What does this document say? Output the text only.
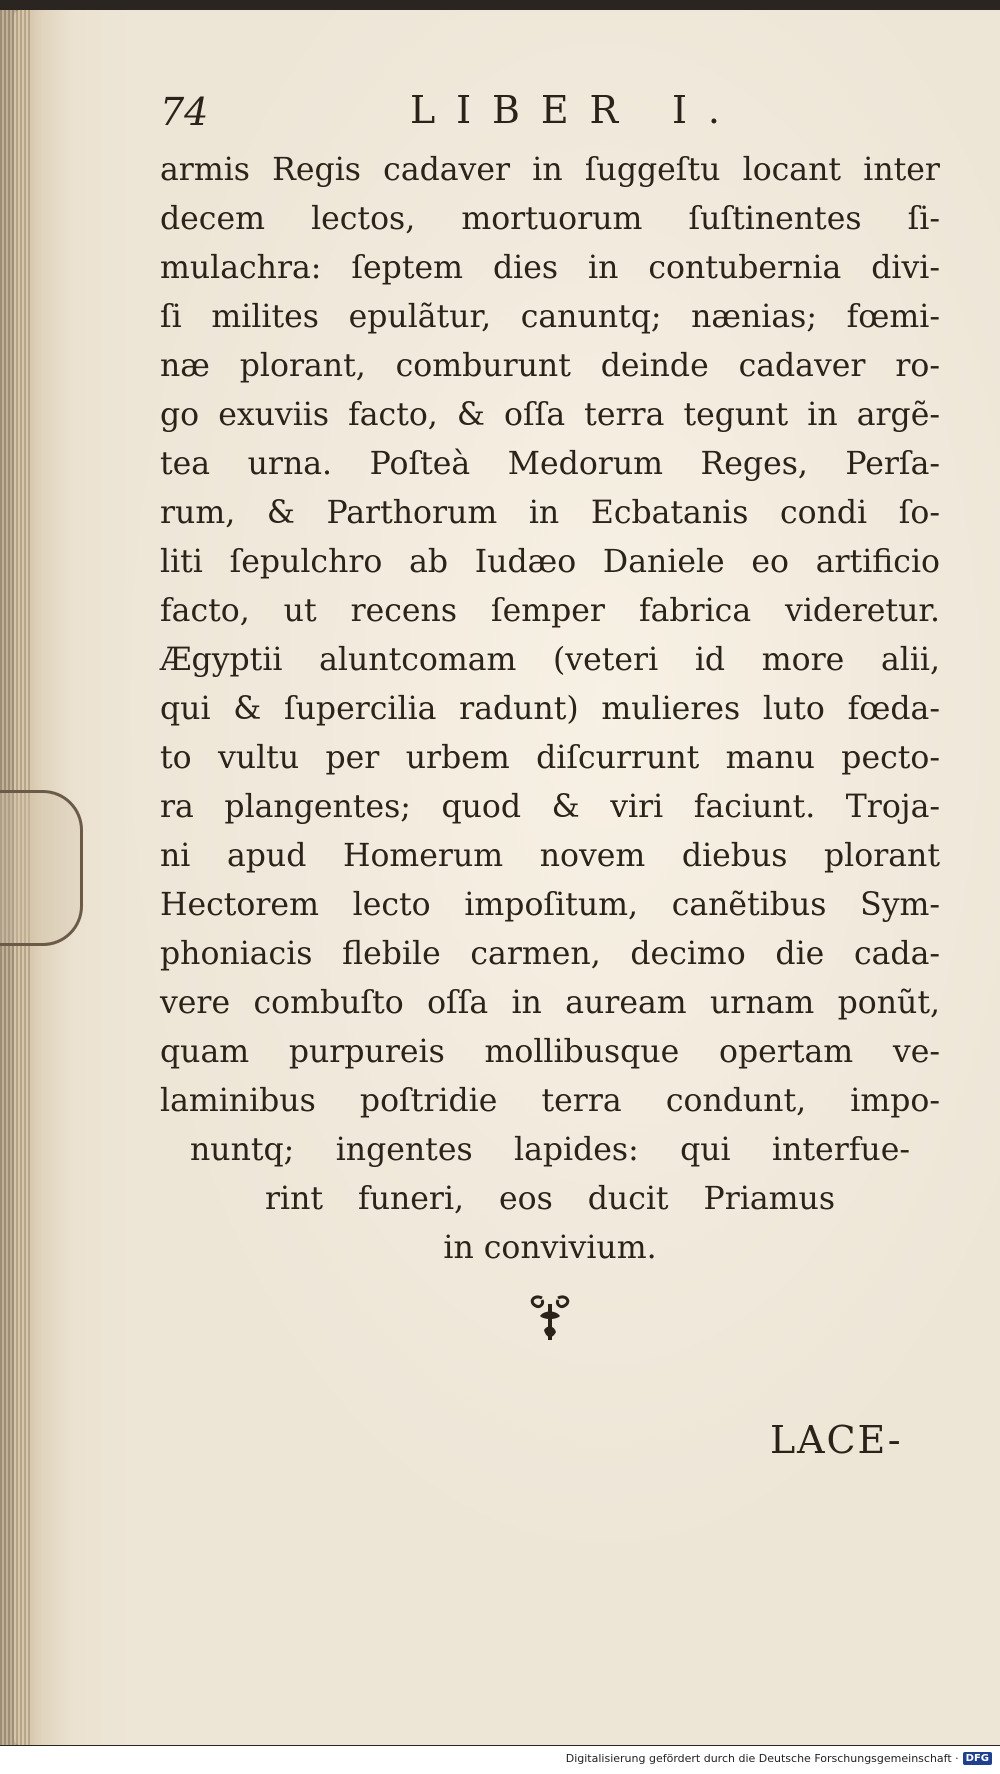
74	LIBER I.
armis Regis cadaver in ſuggeſtu locant inter
decem lectos, mortuorum ſuſtinentes ſi-
mulachra: ſeptem dies in contubernia divi-
ſi milites epulãtur, canuntq; nænias; fœmi-
næ plorant, comburunt deinde cadaver ro-
go exuviis facto, & oſſa terra tegunt in argẽ-
tea urna. Poſteà Medorum Reges, Perſa-
rum, & Parthorum in Ecbatanis condi ſo-
liti ſepulchro ab Iudæo Daniele eo artificio
facto, ut recens ſemper fabrica videretur.
Ægyptii aluntcomam (veteri id more alii,
qui & ſupercilia radunt) mulieres luto fœda-
to vultu per urbem diſcurrunt manu pecto-
ra plangentes; quod & viri faciunt. Troja-
ni apud Homerum novem diebus plorant
Hectorem lecto impoſitum, canẽtibus Sym-
phoniacis flebile carmen, decimo die cada-
vere combuſto oſſa in auream urnam ponũt,
quam purpureis mollibusque opertam ve-
laminibus poſtridie terra condunt, impo-
nuntq; ingentes lapides: qui interfue-
rint funeri, eos ducit Priamus
in convivium.
LACE-
Digitalisierung gefördert durch die Deutsche Forschungsgemeinschaft · DFG
